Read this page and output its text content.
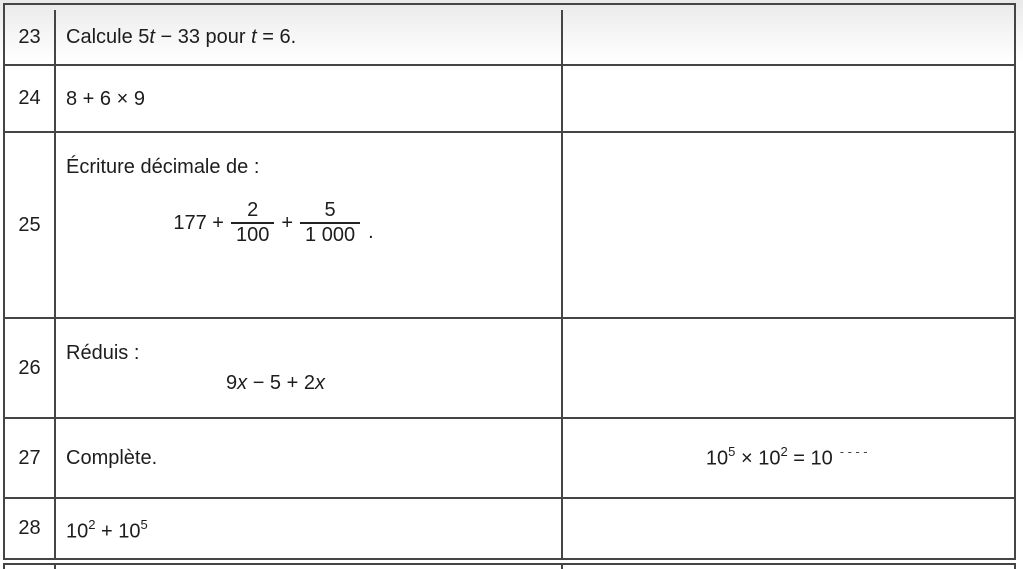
23 Calcule 5t − 33 pour t = 6.
24 8 + 6 × 9
25
Écriture décimale de :
$177 + \frac{2}{100} + \frac{5}{1 000}$ .
26
Réduis :
9x − 5 + 2x
27 Complète.	$10^5 \times 10^2 = 10$ ----
28 $10^2 + 10^5$
